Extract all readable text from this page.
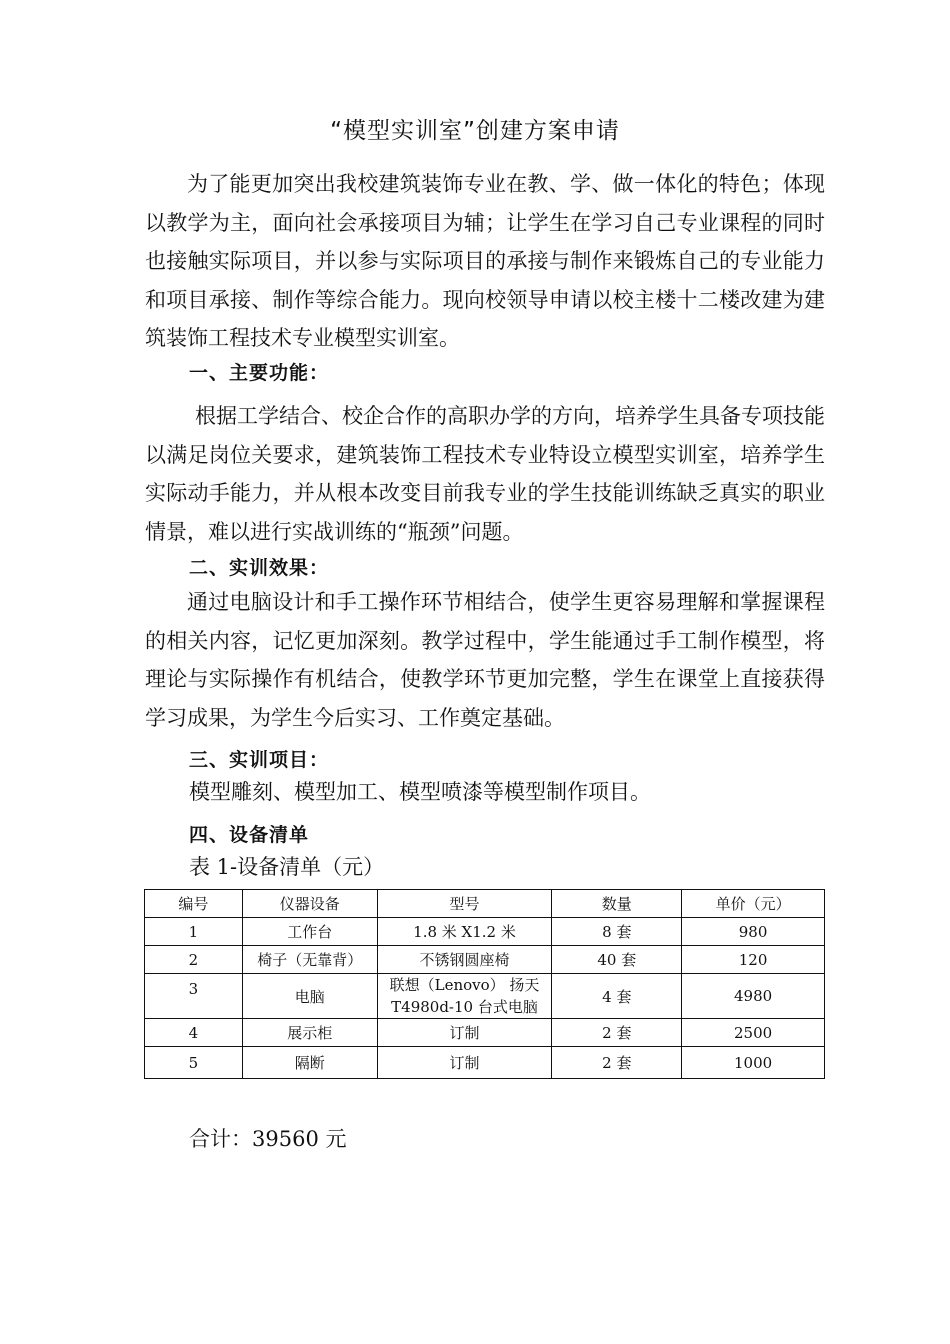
“模型实训室”创建方案申请

为了能更加突出我校建筑装饰专业在教、学、做一体化的特色；体现以教学为主，面向社会承接项目为辅；让学生在学习自己专业课程的同时也接触实际项目，并以参与实际项目的承接与制作来锻炼自己的专业能力和项目承接、制作等综合能力。现向校领导申请以校主楼十二楼改建为建筑装饰工程技术专业模型实训室。

一、主要功能：

根据工学结合、校企合作的高职办学的方向，培养学生具备专项技能以满足岗位关要求，建筑装饰工程技术专业特设立模型实训室，培养学生实际动手能力，并从根本改变目前我专业的学生技能训练缺乏真实的职业情景，难以进行实战训练的“瓶颈”问题。

二、实训效果：

通过电脑设计和手工操作环节相结合，使学生更容易理解和掌握课程的相关内容，记忆更加深刻。教学过程中，学生能通过手工制作模型，将理论与实际操作有机结合，使教学环节更加完整，学生在课堂上直接获得学习成果，为学生今后实习、工作奠定基础。

三、实训项目：
模型雕刻、模型加工、模型喷漆等模型制作项目。
四、设备清单
表 1-设备清单（元）
编号	仪器设备	型号	数量	单价（元）
1	工作台	1.8 米 X1.2 米	8 套	980
2	椅子（无靠背）	不锈钢圆座椅	40 套	120
3	电脑	联想（Lenovo） 扬天 T4980d-10 台式电脑	4 套	4980
4	展示柜	订制	2 套	2500
5	隔断	订制	2 套	1000
合计：39560 元
